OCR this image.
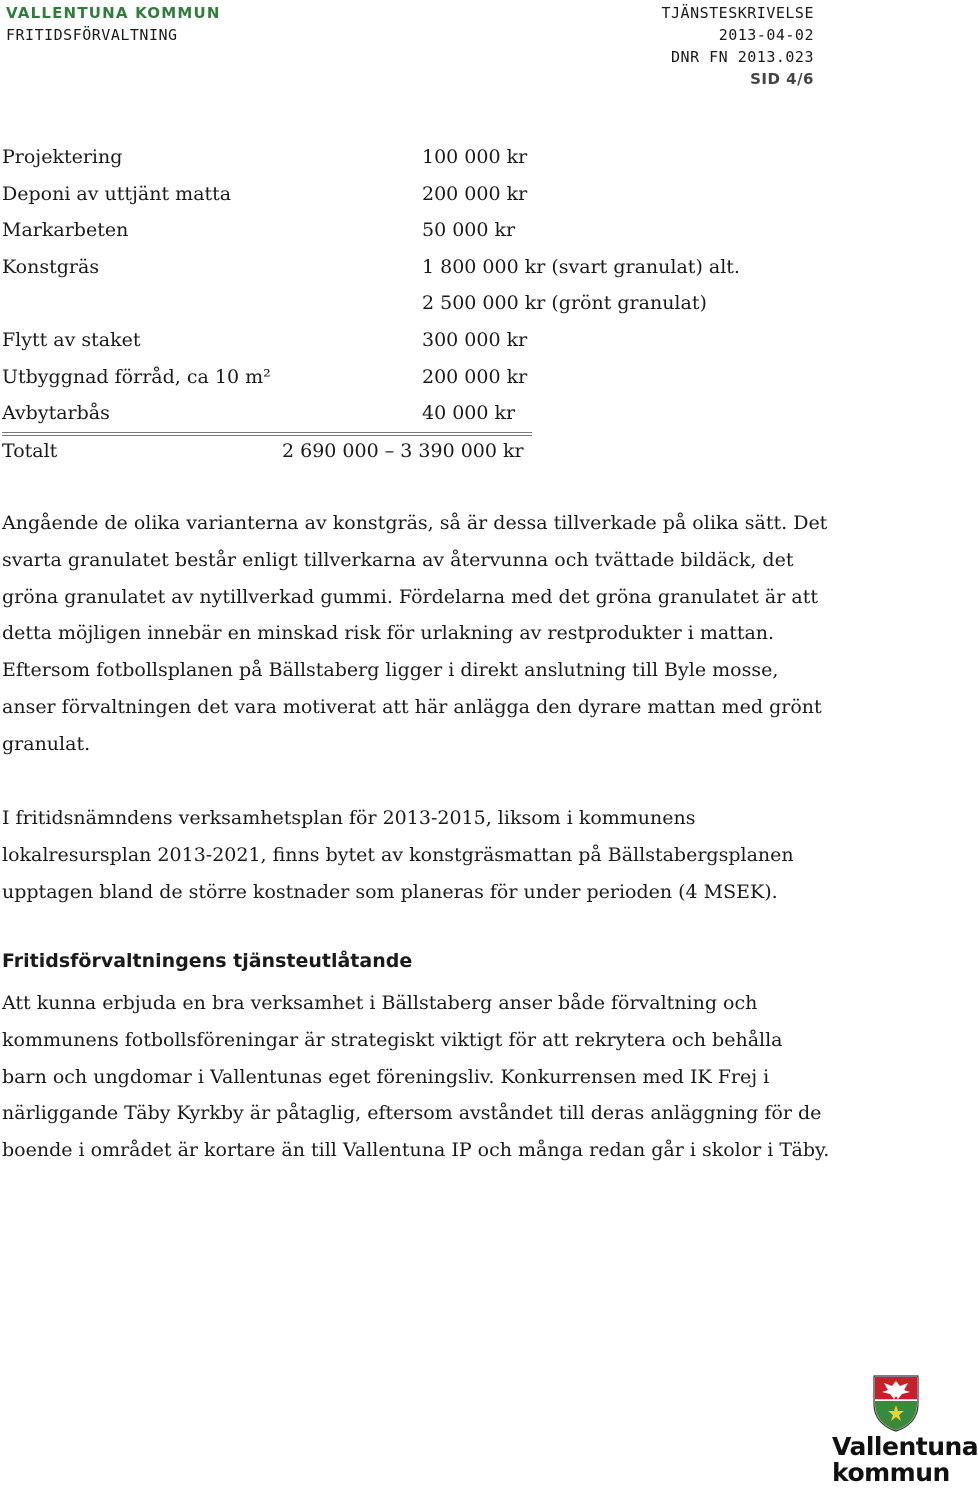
VALLENTUNA KOMMUN
FRITIDSFÖRVALTNING
TJÄNSTESKRIVELSE
2013-04-02
DNR FN 2013.023
SID 4/6
Projektering	100 000 kr
Deponi av uttjänt matta	200 000 kr
Markarbeten	50 000 kr
Konstgräs	1 800 000 kr (svart granulat) alt.
2 500 000 kr (grönt granulat)
Flytt av staket	300 000 kr
Utbyggnad förråd, ca 10 m²	200 000 kr
Avbytarbås	40 000 kr
Totalt	2 690 000 – 3 390 000 kr

Angående de olika varianterna av konstgräs, så är dessa tillverkade på olika sätt. Det svarta granulatet består enligt tillverkarna av återvunna och tvättade bildäck, det gröna granulatet av nytillverkad gummi. Fördelarna med det gröna granulatet är att detta möjligen innebär en minskad risk för urlakning av restprodukter i mattan. Eftersom fotbollsplanen på Bällstaberg ligger i direkt anslutning till Byle mosse, anser förvaltningen det vara motiverat att här anlägga den dyrare mattan med grönt granulat.

I fritidsnämndens verksamhetsplan för 2013-2015, liksom i kommunens lokalresursplan 2013-2021, finns bytet av konstgräsmattan på Bällstabergsplanen upptagen bland de större kostnader som planeras för under perioden (4 MSEK).

Fritidsförvaltningens tjänsteutlåtande

Att kunna erbjuda en bra verksamhet i Bällstaberg anser både förvaltning och kommunens fotbollsföreningar är strategiskt viktigt för att rekrytera och behålla barn och ungdomar i Vallentunas eget föreningsliv. Konkurrensen med IK Frej i närliggande Täby Kyrkby är påtaglig, eftersom avståndet till deras anläggning för de boende i området är kortare än till Vallentuna IP och många redan går i skolor i Täby.

Vallentuna
kommun
